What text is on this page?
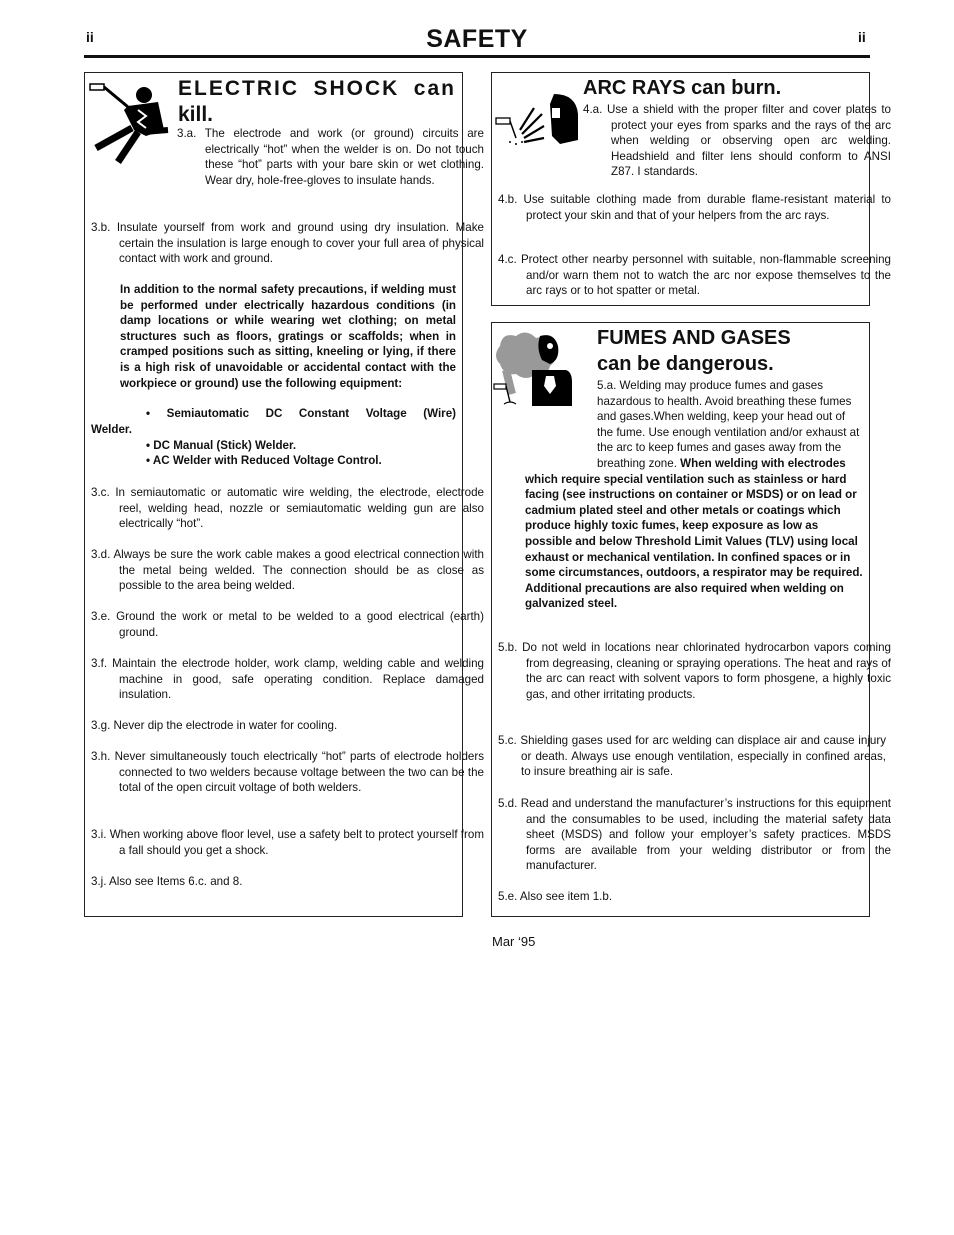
ii	SAFETY	ii
ELECTRIC SHOCK can
kill.

3.a. The electrode and work (or ground) circuits are electrically “hot” when the welder is on. Do not touch these “hot” parts with your bare skin or wet clothing. Wear dry, hole-free-gloves to insulate hands.

3.b. Insulate yourself from work and ground using dry insulation. Make certain the insulation is large enough to cover your full area of physical contact with work and ground.

In addition to the normal safety precautions, if welding must be performed under electrically hazardous conditions (in damp locations or while wearing wet clothing; on metal structures such as floors, gratings or scaffolds; when in cramped positions such as sitting, kneeling or lying, if there is a high risk of unavoidable or accidental contact with the workpiece or ground) use the following equipment:

• Semiautomatic DC Constant Voltage (Wire)

Welder.

• DC Manual (Stick) Welder.

• AC Welder with Reduced Voltage Control.

3.c. In semiautomatic or automatic wire welding, the electrode, electrode reel, welding head, nozzle or semiautomatic welding gun are also electrically “hot”.

3.d. Always be sure the work cable makes a good electrical connection with the metal being welded. The connection should be as close as possible to the area being welded.

3.e. Ground the work or metal to be welded to a good electrical (earth) ground.

3.f. Maintain the electrode holder, work clamp, welding cable and welding machine in good, safe operating condition. Replace damaged insulation.

3.g. Never dip the electrode in water for cooling.

3.h. Never simultaneously touch electrically “hot” parts of electrode holders connected to two welders because voltage between the two can be the total of the open circuit voltage of both welders.

3.i. When working above floor level, use a safety belt to protect yourself from a fall should you get a shock.

3.j. Also see Items 6.c. and 8.

ARC RAYS can burn.

4.a. Use a shield with the proper filter and cover plates to protect your eyes from sparks and the rays of the arc when welding or observing open arc welding. Headshield and filter lens should conform to ANSI Z87. I standards.

4.b. Use suitable clothing made from durable flame-resistant material to protect your skin and that of your helpers from the arc rays.

4.c. Protect other nearby personnel with suitable, non-flammable screening and/or warn them not to watch the arc nor expose themselves to the arc rays or to hot spatter or metal.

FUMES AND GASES
can be dangerous.
5.a. Welding may produce fumes and gases hazardous to health. Avoid breathing these fumes and gases.When welding, keep your head out of the fume. Use enough ventilation and/or exhaust at the arc to keep fumes and gases away from the breathing zone. When welding with electrodes which require special ventilation such as stainless or hard facing (see instructions on container or MSDS) or on lead or cadmium plated steel and other metals or coatings which produce highly toxic fumes, keep exposure as low as possible and below Threshold Limit Values (TLV) using local exhaust or mechanical ventilation. In confined spaces or in some circumstances, outdoors, a respirator may be required. Additional precautions are also required when welding on galvanized steel.

5.b. Do not weld in locations near chlorinated hydrocarbon vapors coming from degreasing, cleaning or spraying operations. The heat and rays of the arc can react with solvent vapors to form phosgene, a highly toxic gas, and other irritating products.

5.c. Shielding gases used for arc welding can displace air and cause injury or death. Always use enough ventilation, especially in confined areas, to insure breathing air is safe.

5.d. Read and understand the manufacturer’s instructions for this equipment and the consumables to be used, including the material safety data sheet (MSDS) and follow your employer’s safety practices. MSDS forms are available from your welding distributor or from the manufacturer.

5.e. Also see item 1.b.

Mar ‘95
